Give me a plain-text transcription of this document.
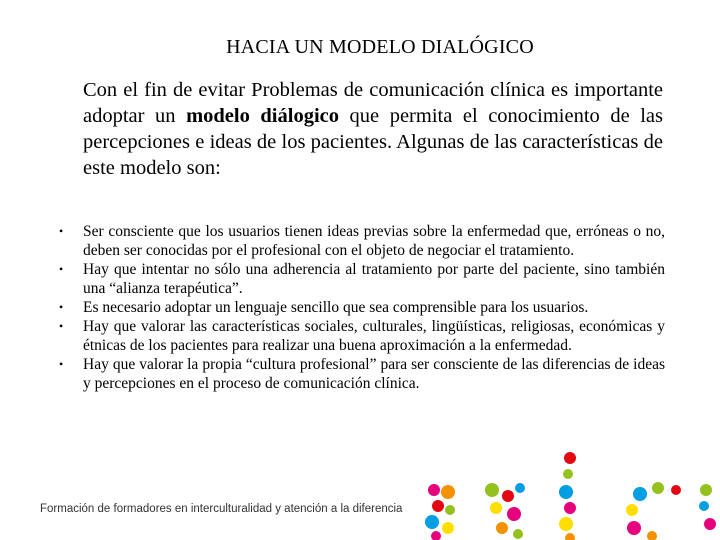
HACIA UN MODELO DIALÓGICO
Con el fin de evitar Problemas de comunicación clínica es importante adoptar un modelo diálogico que permita el conocimiento de las percepciones e ideas de los pacientes. Algunas de las características de este modelo son:
• Ser consciente que los usuarios tienen ideas previas sobre la enfermedad que, erróneas o no, deben ser conocidas por el profesional con el objeto de negociar el tratamiento.
• Hay que intentar no sólo una adherencia al tratamiento por parte del paciente, sino también una “alianza terapéutica”.
• Es necesario adoptar un lenguaje sencillo que sea comprensible para los usuarios.
• Hay que valorar las características sociales, culturales, lingüísticas, religiosas, económicas y étnicas de los pacientes para realizar una buena aproximación a la enfermedad.
• Hay que valorar la propia “cultura profesional” para ser consciente de las diferencias de ideas y percepciones en el proceso de comunicación clínica.
Formación de formadores en interculturalidad y atención a la diferencia
